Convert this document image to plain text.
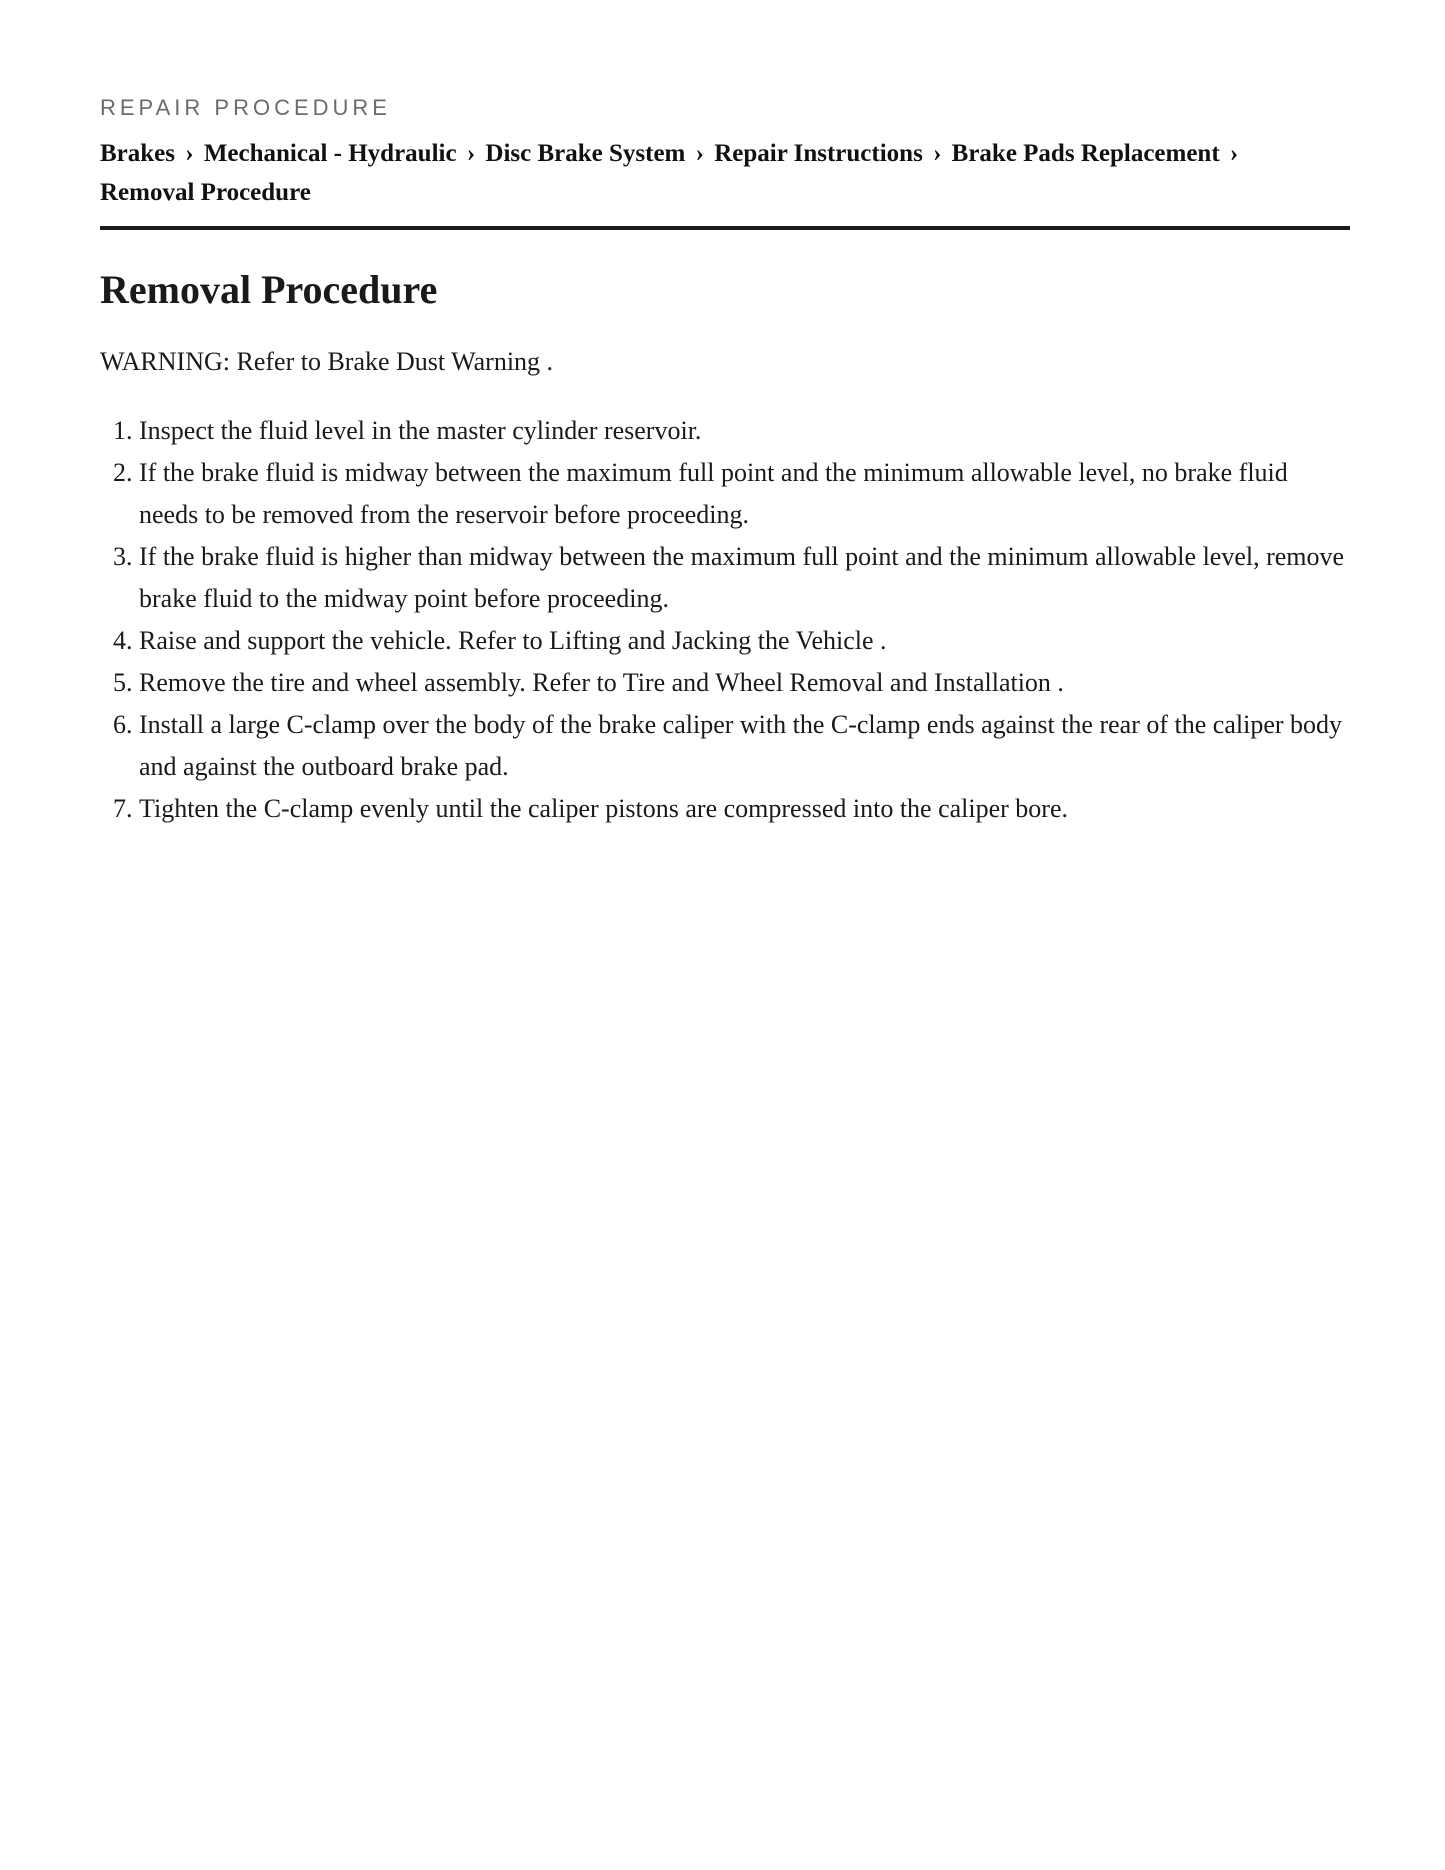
REPAIR PROCEDURE
Brakes › Mechanical - Hydraulic › Disc Brake System › Repair Instructions › Brake Pads Replacement ›
Removal Procedure
Removal Procedure

WARNING: Refer to Brake Dust Warning .

1. Inspect the fluid level in the master cylinder reservoir.
2. If the brake fluid is midway between the maximum full point and the minimum allowable level, no brake fluid needs to be removed from the reservoir before proceeding.
3. If the brake fluid is higher than midway between the maximum full point and the minimum allowable level, remove brake fluid to the midway point before proceeding.
4. Raise and support the vehicle. Refer to Lifting and Jacking the Vehicle .
5. Remove the tire and wheel assembly. Refer to Tire and Wheel Removal and Installation .
6. Install a large C-clamp over the body of the brake caliper with the C-clamp ends against the rear of the caliper body and against the outboard brake pad.
7. Tighten the C-clamp evenly until the caliper pistons are compressed into the caliper bore.
